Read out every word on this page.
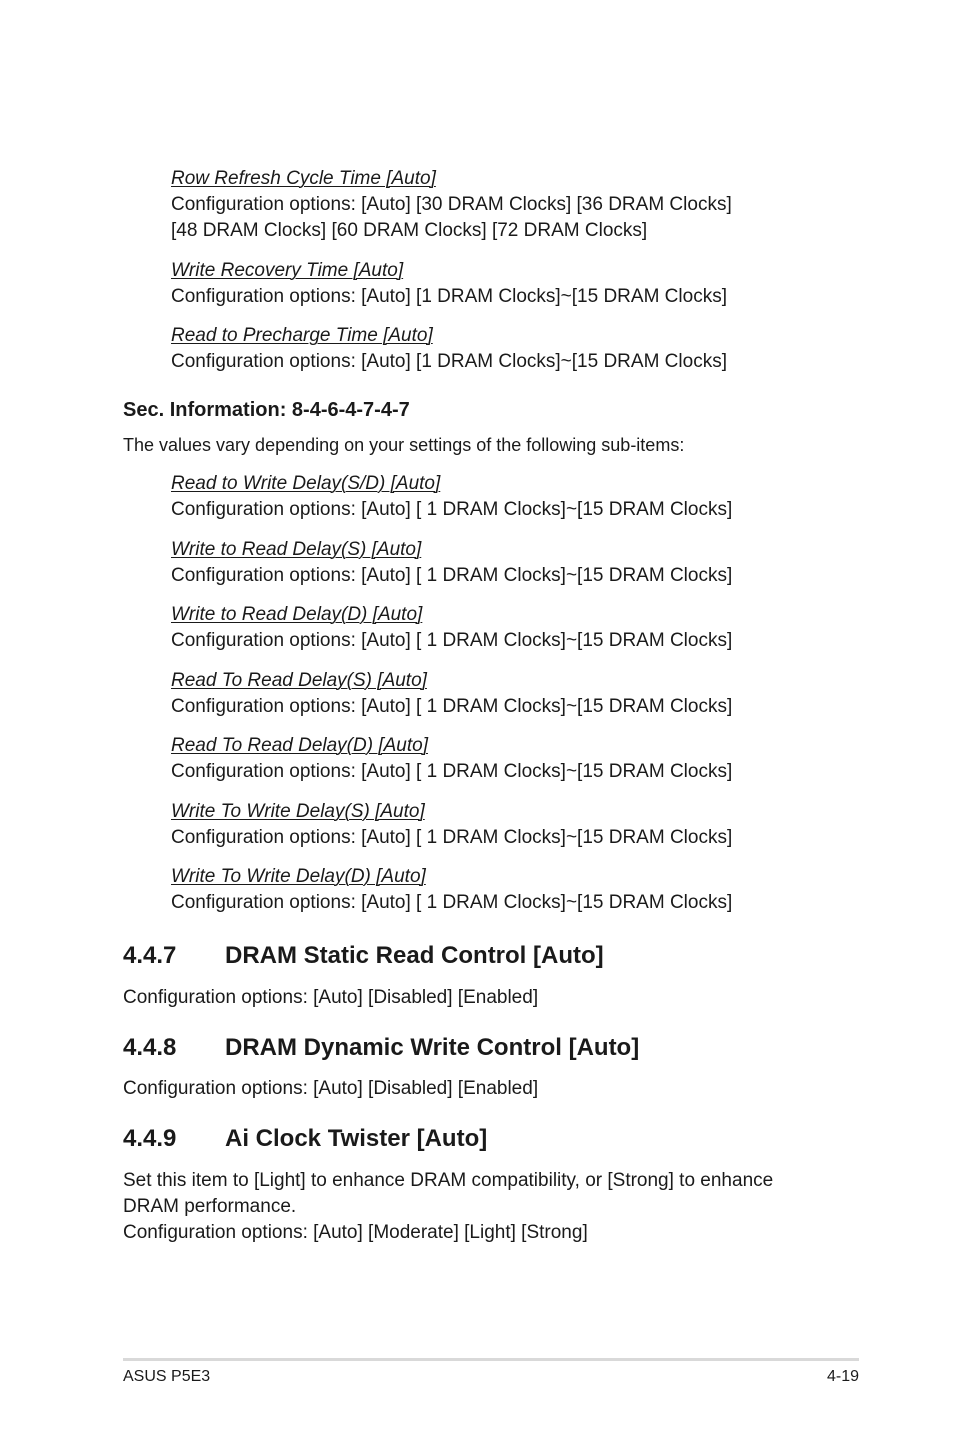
Row Refresh Cycle Time [Auto]
Configuration options: [Auto] [30 DRAM Clocks] [36 DRAM Clocks]
[48 DRAM Clocks] [60 DRAM Clocks] [72 DRAM Clocks]
Write Recovery Time [Auto]
Configuration options: [Auto] [1 DRAM Clocks]~[15 DRAM Clocks]
Read to Precharge Time [Auto]
Configuration options: [Auto] [1 DRAM Clocks]~[15 DRAM Clocks]
Sec. Information: 8-4-6-4-7-4-7
The values vary depending on your settings of the following sub-items:
Read to Write Delay(S/D) [Auto]
Configuration options: [Auto] [ 1 DRAM Clocks]~[15 DRAM Clocks]
Write to Read Delay(S) [Auto]
Configuration options: [Auto] [ 1 DRAM Clocks]~[15 DRAM Clocks]
Write to Read Delay(D) [Auto]
Configuration options: [Auto] [ 1 DRAM Clocks]~[15 DRAM Clocks]
Read To Read Delay(S) [Auto]
Configuration options: [Auto] [ 1 DRAM Clocks]~[15 DRAM Clocks]
Read To Read Delay(D) [Auto]
Configuration options: [Auto] [ 1 DRAM Clocks]~[15 DRAM Clocks]
Write To Write Delay(S) [Auto]
Configuration options: [Auto] [ 1 DRAM Clocks]~[15 DRAM Clocks]
Write To Write Delay(D) [Auto]
Configuration options: [Auto] [ 1 DRAM Clocks]~[15 DRAM Clocks]
4.4.7 DRAM Static Read Control [Auto]
Configuration options: [Auto] [Disabled] [Enabled]
4.4.8 DRAM Dynamic Write Control [Auto]
Configuration options: [Auto] [Disabled] [Enabled]
4.4.9 Ai Clock Twister [Auto]
Set this item to [Light] to enhance DRAM compatibility, or [Strong] to enhance
DRAM performance.
Configuration options: [Auto] [Moderate] [Light] [Strong]
ASUS P5E3	4-19
